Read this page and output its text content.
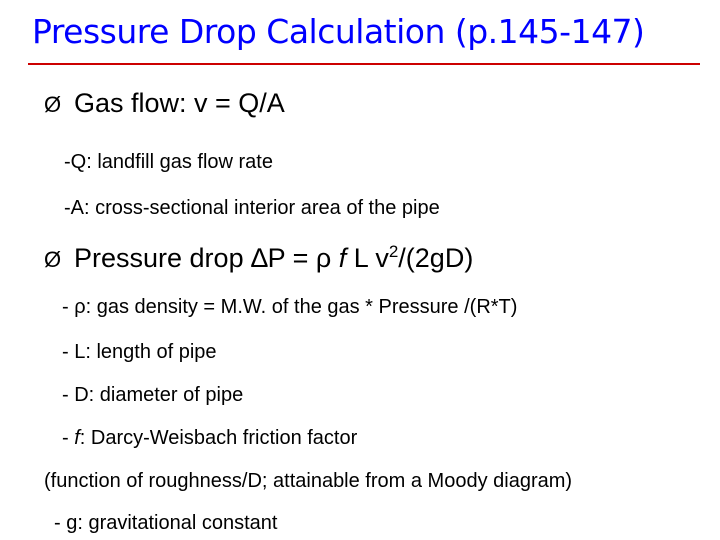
Pressure Drop Calculation (p.145-147)
Ø Gas flow: v = Q/A
-Q: landfill gas flow rate
-A: cross-sectional interior area of the pipe
Ø Pressure drop ∆P = ρ f L $v^2/(2gD)$
- ρ: gas density = M.W. of the gas * Pressure /(R*T)
- L: length of pipe
- D: diameter of pipe
- f: Darcy-Weisbach friction factor
(function of roughness/D; attainable from a Moody diagram)
- g: gravitational constant
